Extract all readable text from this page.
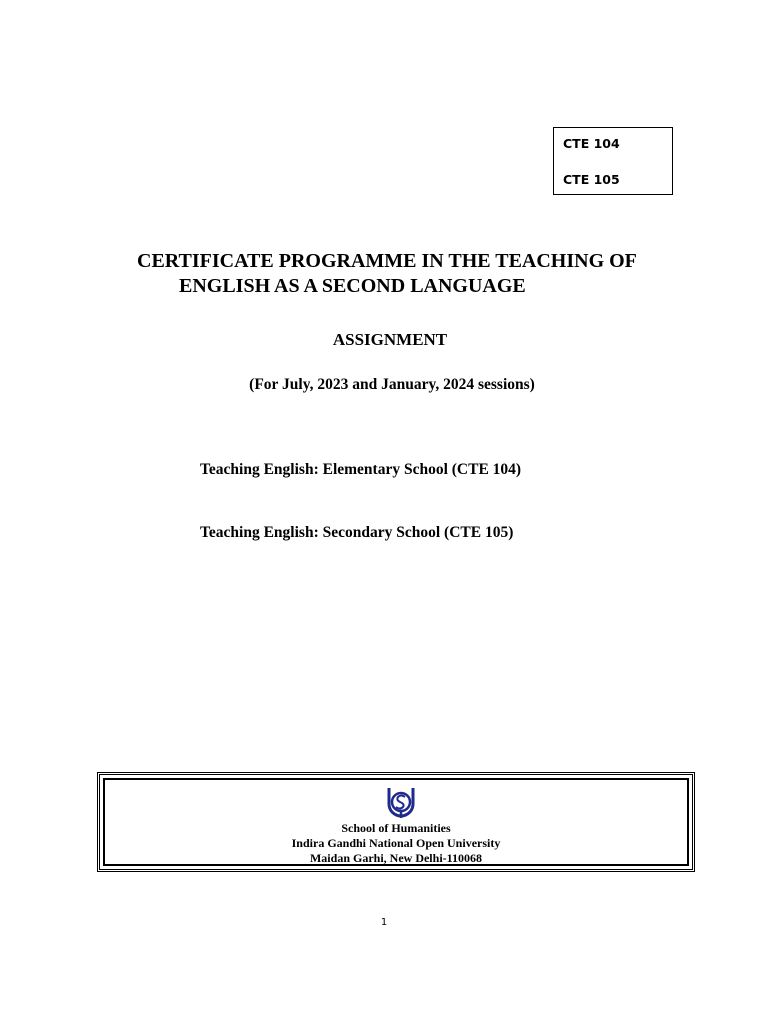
CTE 104
CTE 105
CERTIFICATE PROGRAMME IN THE TEACHING OF
ENGLISH AS A SECOND LANGUAGE
ASSIGNMENT
(For July, 2023 and January, 2024 sessions)
Teaching English: Elementary School (CTE 104)
Teaching English: Secondary School (CTE 105)
School of Humanities
Indira Gandhi National Open University
Maidan Garhi, New Delhi-110068
1
